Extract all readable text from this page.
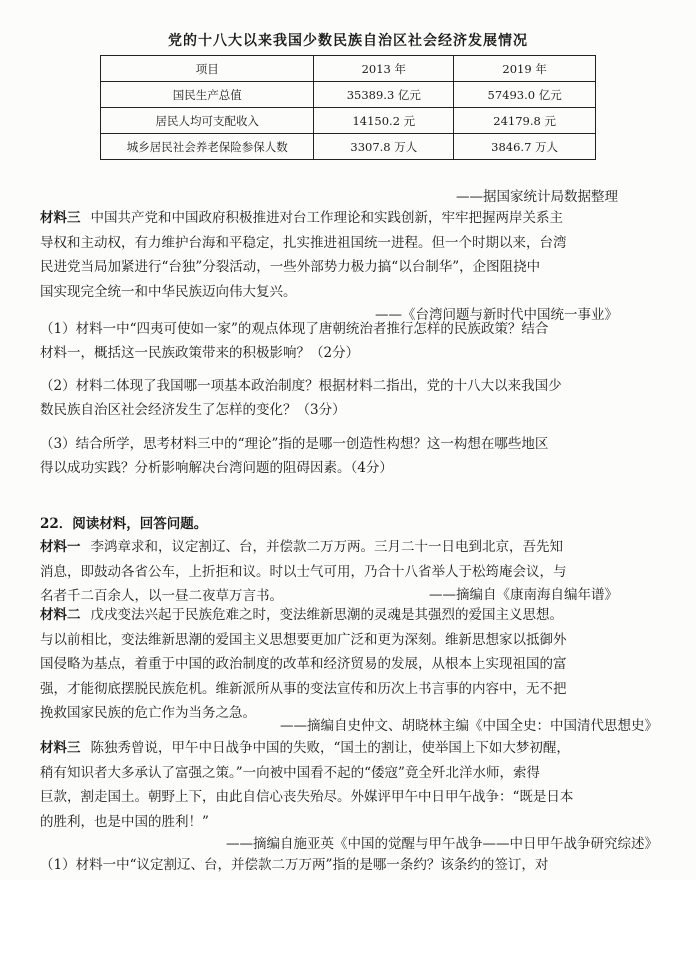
党的十八大以来我国少数民族自治区社会经济发展情况
项目	2013 年	2019 年
国民生产总值	35389.3 亿元	57493.0 亿元
居民人均可支配收入	14150.2 元	24179.8 元
城乡居民社会养老保险参保人数	3307.8 万人	3846.7 万人
——据国家统计局数据整理
材料三 中国共产党和中国政府积极推进对台工作理论和实践创新，牢牢把握两岸关系主
导权和主动权，有力维护台海和平稳定，扎实推进祖国统一进程。但一个时期以来，台湾
民进党当局加紧进行“台独”分裂活动，一些外部势力极力搞“以台制华”，企图阻挠中
国实现完全统一和中华民族迈向伟大复兴。
——《台湾问题与新时代中国统一事业》
（1）材料一中“四夷可使如一家”的观点体现了唐朝统治者推行怎样的民族政策？结合
材料一，概括这一民族政策带来的积极影响？（2分）
（2）材料二体现了我国哪一项基本政治制度？根据材料二指出，党的十八大以来我国少
数民族自治区社会经济发生了怎样的变化？（3分）
（3）结合所学，思考材料三中的“理论”指的是哪一创造性构想？这一构想在哪些地区
得以成功实践？分析影响解决台湾问题的阻碍因素。（4分）
22．阅读材料，回答问题。
材料一 李鸿章求和，议定割辽、台，并偿款二万万两。三月二十一日电到北京，吾先知
消息，即鼓动各省公车，上折拒和议。时以士气可用，乃合十八省举人于松筠庵会议，与
名者千二百余人，以一昼二夜草万言书。	——摘编自《康南海自编年谱》
材料二 戊戌变法兴起于民族危难之时，变法维新思潮的灵魂是其强烈的爱国主义思想。
与以前相比，变法维新思潮的爱国主义思想要更加广泛和更为深刻。维新思想家以抵御外
国侵略为基点，着重于中国的政治制度的改革和经济贸易的发展，从根本上实现祖国的富
强，才能彻底摆脱民族危机。维新派所从事的变法宣传和历次上书言事的内容中，无不把
挽救国家民族的危亡作为当务之急。
——摘编自史仲文、胡晓林主编《中国全史：中国清代思想史》
材料三 陈独秀曾说，甲午中日战争中国的失败，“国土的割让，使举国上下如大梦初醒，
稍有知识者大多承认了富强之策。”一向被中国看不起的“倭寇”竟全歼北洋水师，索得
巨款，割走国土。朝野上下，由此自信心丧失殆尽。外媒评甲午中日甲午战争：“既是日本
的胜利，也是中国的胜利！”
——摘编自施亚英《中国的觉醒与甲午战争——中日甲午战争研究综述》
（1）材料一中“议定割辽、台，并偿款二万万两”指的是哪一条约？该条约的签订，对
